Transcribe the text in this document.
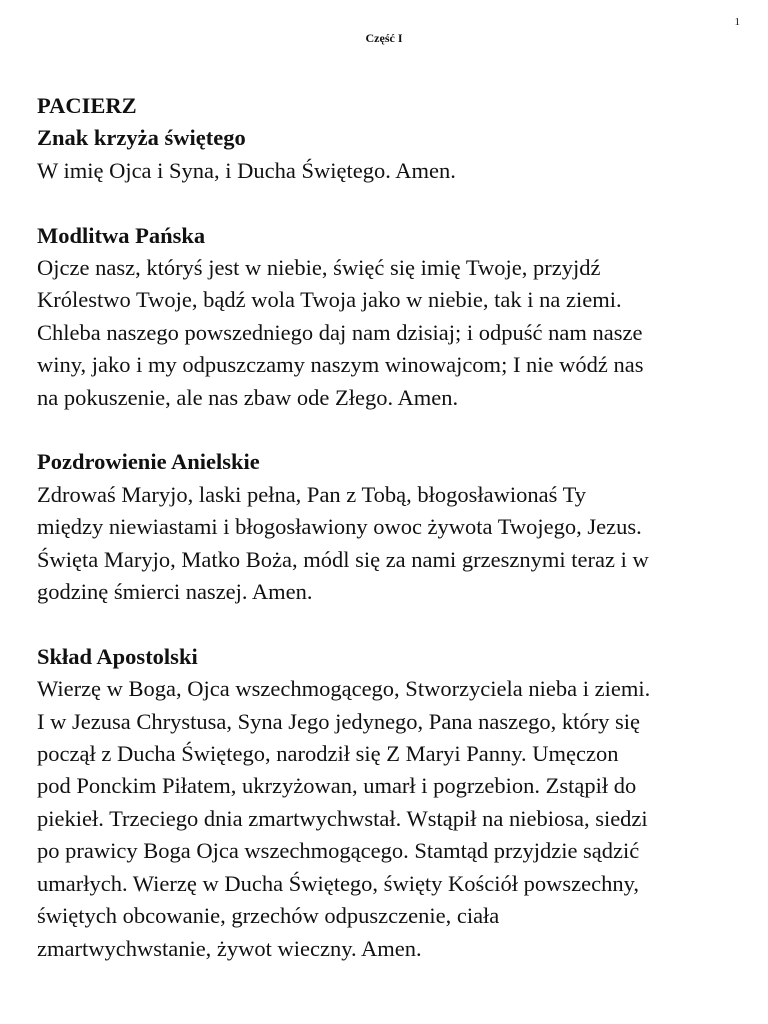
1
Część I
PACIERZ
Znak krzyża świętego
W imię Ojca i Syna, i Ducha Świętego. Amen.
Modlitwa Pańska
Ojcze nasz, któryś jest w niebie, święć się imię Twoje, przyjdź
Królestwo Twoje, bądź wola Twoja jako w niebie, tak i na ziemi.
Chleba naszego powszedniego daj nam dzisiaj; i odpuść nam nasze
winy, jako i my odpuszczamy naszym winowajcom; I nie wódź nas
na pokuszenie, ale nas zbaw ode Złego. Amen.
Pozdrowienie Anielskie
Zdrowaś Maryjo, laski pełna, Pan z Tobą, błogosławionaś Ty
między niewiastami i błogosławiony owoc żywota Twojego, Jezus.
Święta Maryjo, Matko Boża, módl się za nami grzesznymi teraz i w
godzinę śmierci naszej. Amen.
Skład Apostolski
Wierzę w Boga, Ojca wszechmogącego, Stworzyciela nieba i ziemi.
I w Jezusa Chrystusa, Syna Jego jedynego, Pana naszego, który się
począł z Ducha Świętego, narodził się Z Maryi Panny. Umęczon
pod Ponckim Piłatem, ukrzyżowan, umarł i pogrzebion. Zstąpił do
piekieł. Trzeciego dnia zmartwychwstał. Wstąpił na niebiosa, siedzi
po prawicy Boga Ojca wszechmogącego. Stamtąd przyjdzie sądzić
umarłych. Wierzę w Ducha Świętego, święty Kościół powszechny,
świętych obcowanie, grzechów odpuszczenie, ciała
zmartwychwstanie, żywot wieczny. Amen.
